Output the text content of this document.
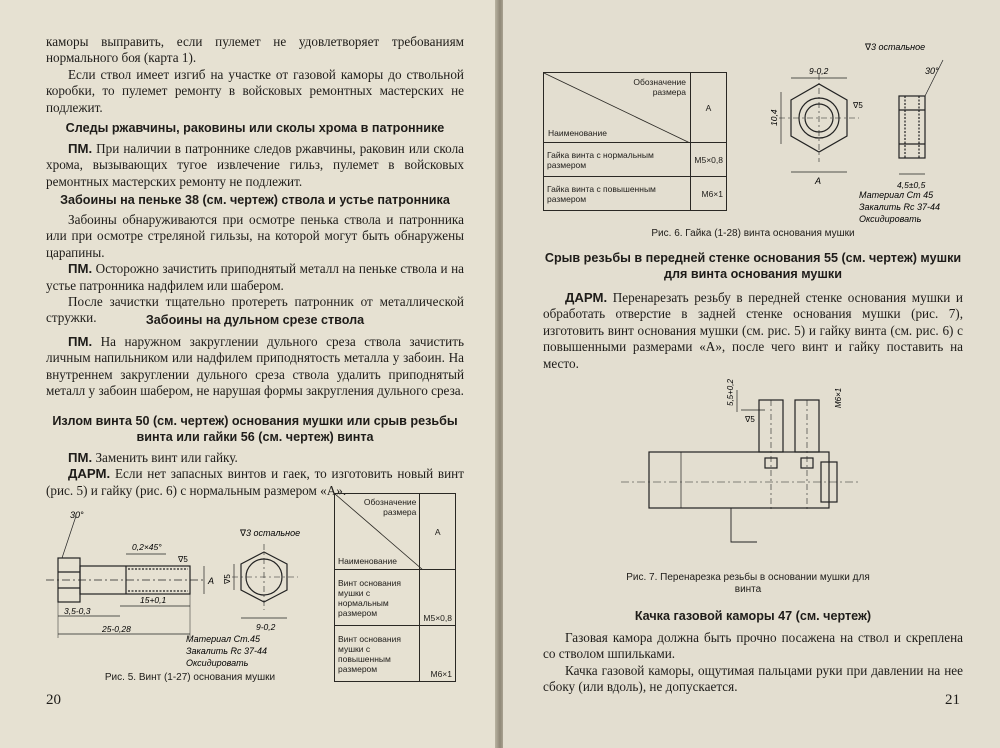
каморы выправить, если пулемет не удовлетворяет требованиям нормального боя (карта 1).

Если ствол имеет изгиб на участке от газовой каморы до ствольной коробки, то пулемет ремонту в войсковых ремонтных мастерских не подлежит.

Следы ржавчины, раковины или сколы хрома в патроннике

ПМ. При наличии в патроннике следов ржавчины, раковин или скола хрома, вызывающих тугое извлечение гильз, пулемет в войсковых ремонтных мастерских ремонту не подлежит.

Забоины на пеньке 38 (см. чертеж) ствола и устье патронника

Забоины обнаруживаются при осмотре пенька ствола и патронника или при осмотре стреляной гильзы, на которой могут быть обнаружены царапины.

ПМ. Осторожно зачистить приподнятый металл на пеньке ствола и на устье патронника надфилем или шабером.

После зачистки тщательно протереть патронник от металлической стружки.	Забоины на дульном срезе ствола

ПМ. На наружном закруглении дульного среза ствола зачистить личным напильником или надфилем приподнятость металла у забоин. На внутреннем закруглении дульного среза ствола удалить приподнятый металл у забоин шабером, не нарушая формы закругления дульного среза.

Излом винта 50 (см. чертеж) основания мушки или срыв резьбы винта или гайки 56 (см. чертеж) винта

ПМ. Заменить винт или гайку.

ДАРМ. Если нет запасных винтов и гаек, то изготовить новый винт (рис. 5) и гайку (рис. 6) с нормальным размером «А».

30°
0,2×45°
∇5
А
3,5-0,3
15+0,1
25-0,28
∇3 остальное
9-0,2
∇5
Материал Ст.45
Закалить Rc 37-44
Оксидировать
Обозначение размера
Наименование	А
Винт основания мушки с нормальным размером	М5×0,8
Винт основания мушки с повышенным размером	М6×1
Рис. 5. Винт (1-27) основания мушки
20
Обозначение размера
Наименование	А
Гайка винта с нормальным размером	М5×0,8
Гайка винта с повышенным размером	М6×1
∇3 остальное
9-0,2	30°
10,4
∇5
А	4,5±0,5
Материал Ст 45
Закалить Rc 37-44
Оксидировать
Рис. 6. Гайка (1-28) винта основания мушки
Срыв резьбы в передней стенке основания 55 (см. чертеж) мушки для винта основания мушки

ДАРМ. Перенарезать резьбу в передней стенке основания мушки и обработать отверстие в задней стенке основания мушки (рис. 7), изготовить винт основания мушки (см. рис. 5) и гайку винта (см. рис. 6) с повышенными размерами «А», после чего винт и гайку поставить на место.

5,5+0,2
∇5
М6×1
Рис. 7. Перенарезка резьбы в основании мушки для винта
Качка газовой каморы 47 (см. чертеж)

Газовая камора должна быть прочно посажена на ствол и скреплена со стволом шпильками.

Качка газовой каморы, ощутимая пальцами руки при давлении на нее сбоку (или вдоль), не допускается.

21
